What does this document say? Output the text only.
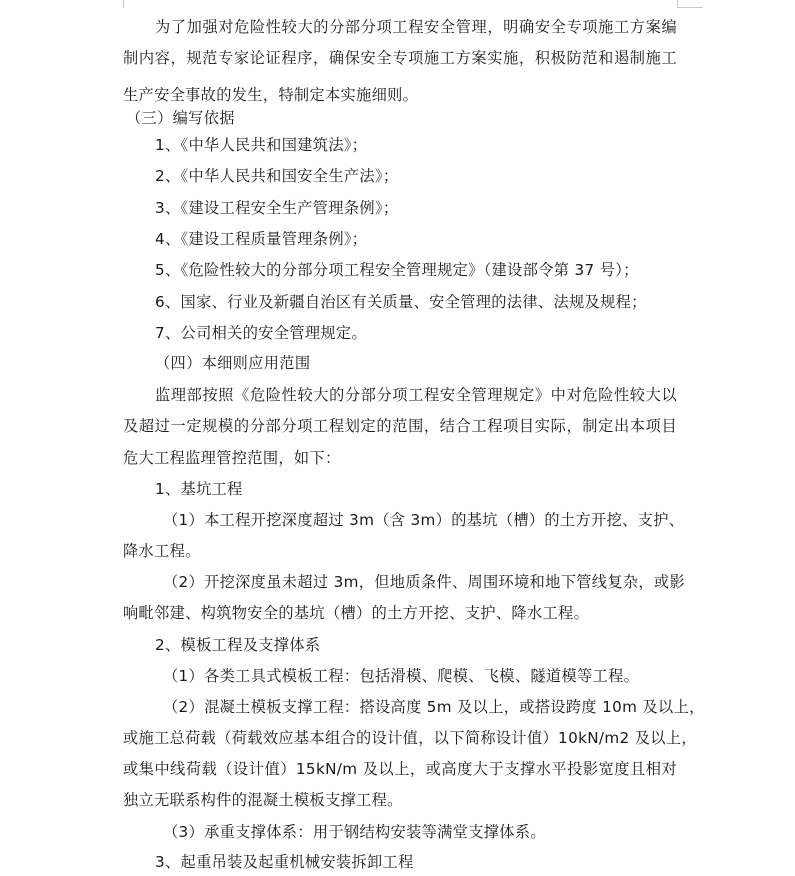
为了加强对危险性较大的分部分项工程安全管理，明确安全专项施工方案编
制内容，规范专家论证程序，确保安全专项施工方案实施，积极防范和遏制施工
生产安全事故的发生，特制定本实施细则。
（三）编写依据
1、《中华人民共和国建筑法》；
2、《中华人民共和国安全生产法》；
3、《建设工程安全生产管理条例》；
4、《建设工程质量管理条例》；
5、《危险性较大的分部分项工程安全管理规定》（建设部令第 37 号）；
6、国家、行业及新疆自治区有关质量、安全管理的法律、法规及规程；
7、公司相关的安全管理规定。
（四）本细则应用范围
监理部按照《危险性较大的分部分项工程安全管理规定》中对危险性较大以
及超过一定规模的分部分项工程划定的范围，结合工程项目实际，制定出本项目
危大工程监理管控范围，如下：
1、基坑工程
（1）本工程开挖深度超过 3m（含 3m）的基坑（槽）的土方开挖、支护、
降水工程。
（2）开挖深度虽未超过 3m，但地质条件、周围环境和地下管线复杂，或影
响毗邻建、构筑物安全的基坑（槽）的土方开挖、支护、降水工程。
2、模板工程及支撑体系
（1）各类工具式模板工程：包括滑模、爬模、飞模、隧道模等工程。
（2）混凝土模板支撑工程：搭设高度 5m 及以上，或搭设跨度 10m 及以上，
或施工总荷载（荷载效应基本组合的设计值，以下简称设计值）10kN/m2 及以上，
或集中线荷载（设计值）15kN/m 及以上，或高度大于支撑水平投影宽度且相对
独立无联系构件的混凝土模板支撑工程。
（3）承重支撑体系：用于钢结构安装等满堂支撑体系。
3、起重吊装及起重机械安装拆卸工程
